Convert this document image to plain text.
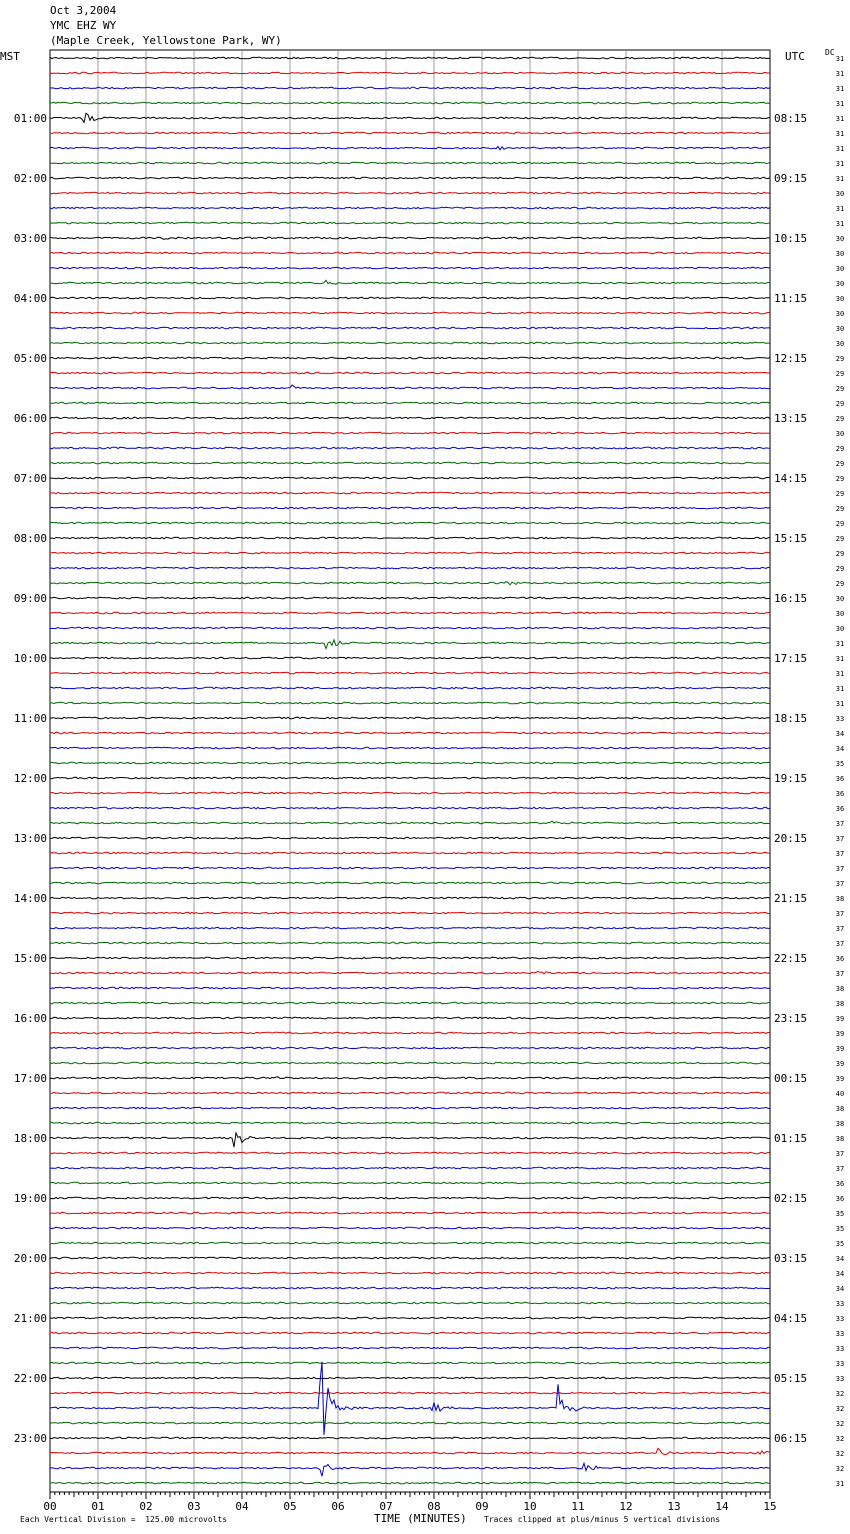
Oct 3,2004
YMC EHZ WY
(Maple Creek, Yellowstone Park, WY)
MST	UTC	DC
31
31
31
31
31
31
31
31
31
30
31
31
30
30
30
30
30
30
30
30
29
29
29
29
29
30
29
29
29
29
29
29
29
29
29
29
30
30
30
31
31
31
31
31
33
34
34
35
36
36
36
37
37
37
37
37
38
37
37
37
36
37
38
38
39
39
39
39
39
40
38
38
38
37
37
36
36
35
35
35
34
34
34
33
33
33
33
33
33
32
32
32
32
32
32
31
01:00
02:00
03:00
04:00
05:00
06:00
07:00
08:00
09:00
10:00
11:00
12:00
13:00
14:00
15:00
16:00
17:00
18:00
19:00
20:00
21:00
22:00
23:00
08:15
09:15
10:15
11:15
12:15
13:15
14:15
15:15
16:15
17:15
18:15
19:15
20:15
21:15
22:15
23:15
00:15
01:15
02:15
03:15
04:15
05:15
06:15
00	01	02	03	04	05	06	07	08	09	10	11	12	13	14	15
Each Vertical Division =  125.00 microvolts	TIME (MINUTES) Traces clipped at plus/minus 5 vertical divisions
